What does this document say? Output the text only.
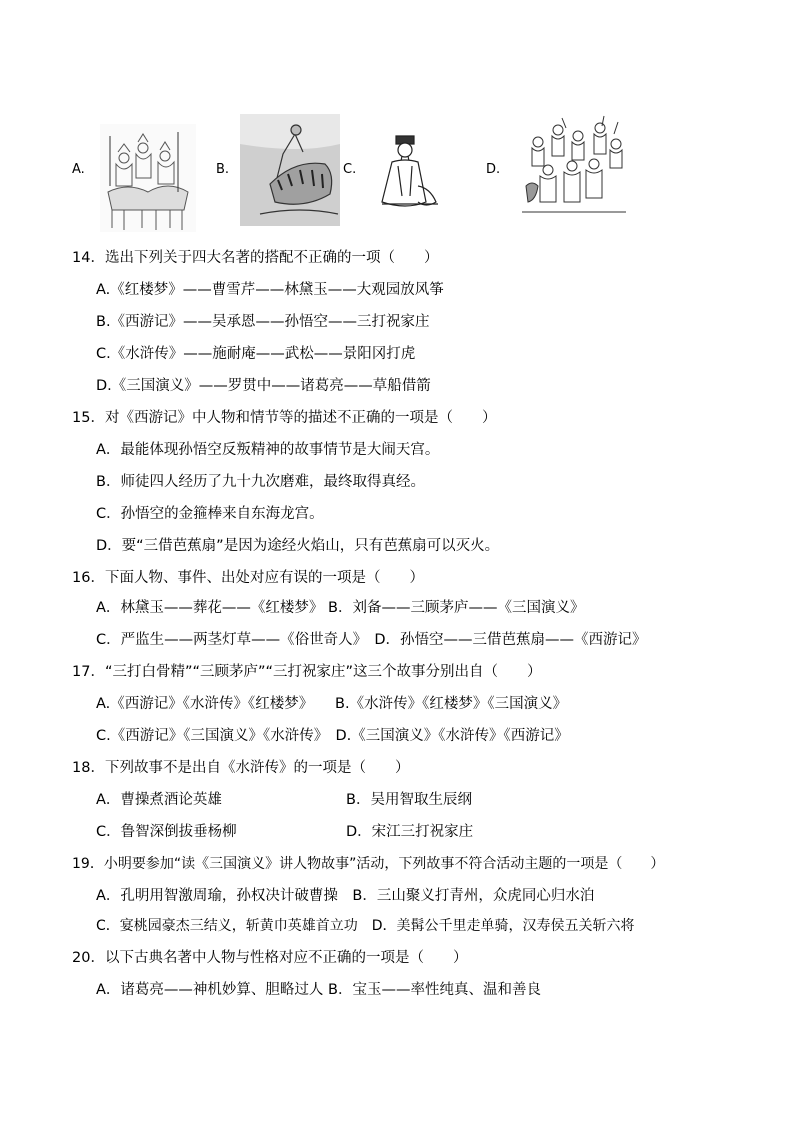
A.	B.	C.	D.
14．选出下列关于四大名著的搭配不正确的一项（　　）
A.《红楼梦》——曹雪芹——林黛玉——大观园放风筝
B.《西游记》——吴承恩——孙悟空——三打祝家庄
C.《水浒传》——施耐庵——武松——景阳冈打虎
D.《三国演义》——罗贯中——诸葛亮——草船借箭
15．对《西游记》中人物和情节等的描述不正确的一项是（　　）
A．最能体现孙悟空反叛精神的故事情节是大闹天宫。
B．师徒四人经历了九十九次磨难，最终取得真经。
C．孙悟空的金箍棒来自东海龙宫。
D．要“三借芭蕉扇”是因为途经火焰山，只有芭蕉扇可以灭火。
16．下面人物、事件、出处对应有误的一项是（　　）
A．林黛玉——葬花——《红楼梦》 B．刘备——三顾茅庐——《三国演义》
C．严监生——两茎灯草——《俗世奇人》　D．孙悟空——三借芭蕉扇——《西游记》
17．“三打白骨精”“三顾茅庐”“三打祝家庄”这三个故事分别出自（　　）
A.《西游记》《水浒传》《红楼梦》　　B.《水浒传》《红楼梦》《三国演义》
C.《西游记》《三国演义》《水浒传》　D.《三国演义》《水浒传》《西游记》
18．下列故事不是出自《水浒传》的一项是（　　）
A．曹操煮酒论英雄	B．吴用智取生辰纲
C．鲁智深倒拔垂杨柳	D．宋江三打祝家庄
19．小明要参加“读《三国演义》讲人物故事”活动，下列故事不符合活动主题的一项是（　　）
A．孔明用智激周瑜，孙权决计破曹操　B．三山聚义打青州，众虎同心归水泊
C．宴桃园豪杰三结义，斩黄巾英雄首立功　D．美髯公千里走单骑，汉寿侯五关斩六将
20．以下古典名著中人物与性格对应不正确的一项是（　　）
A．诸葛亮——神机妙算、胆略过人 B．宝玉——率性纯真、温和善良
